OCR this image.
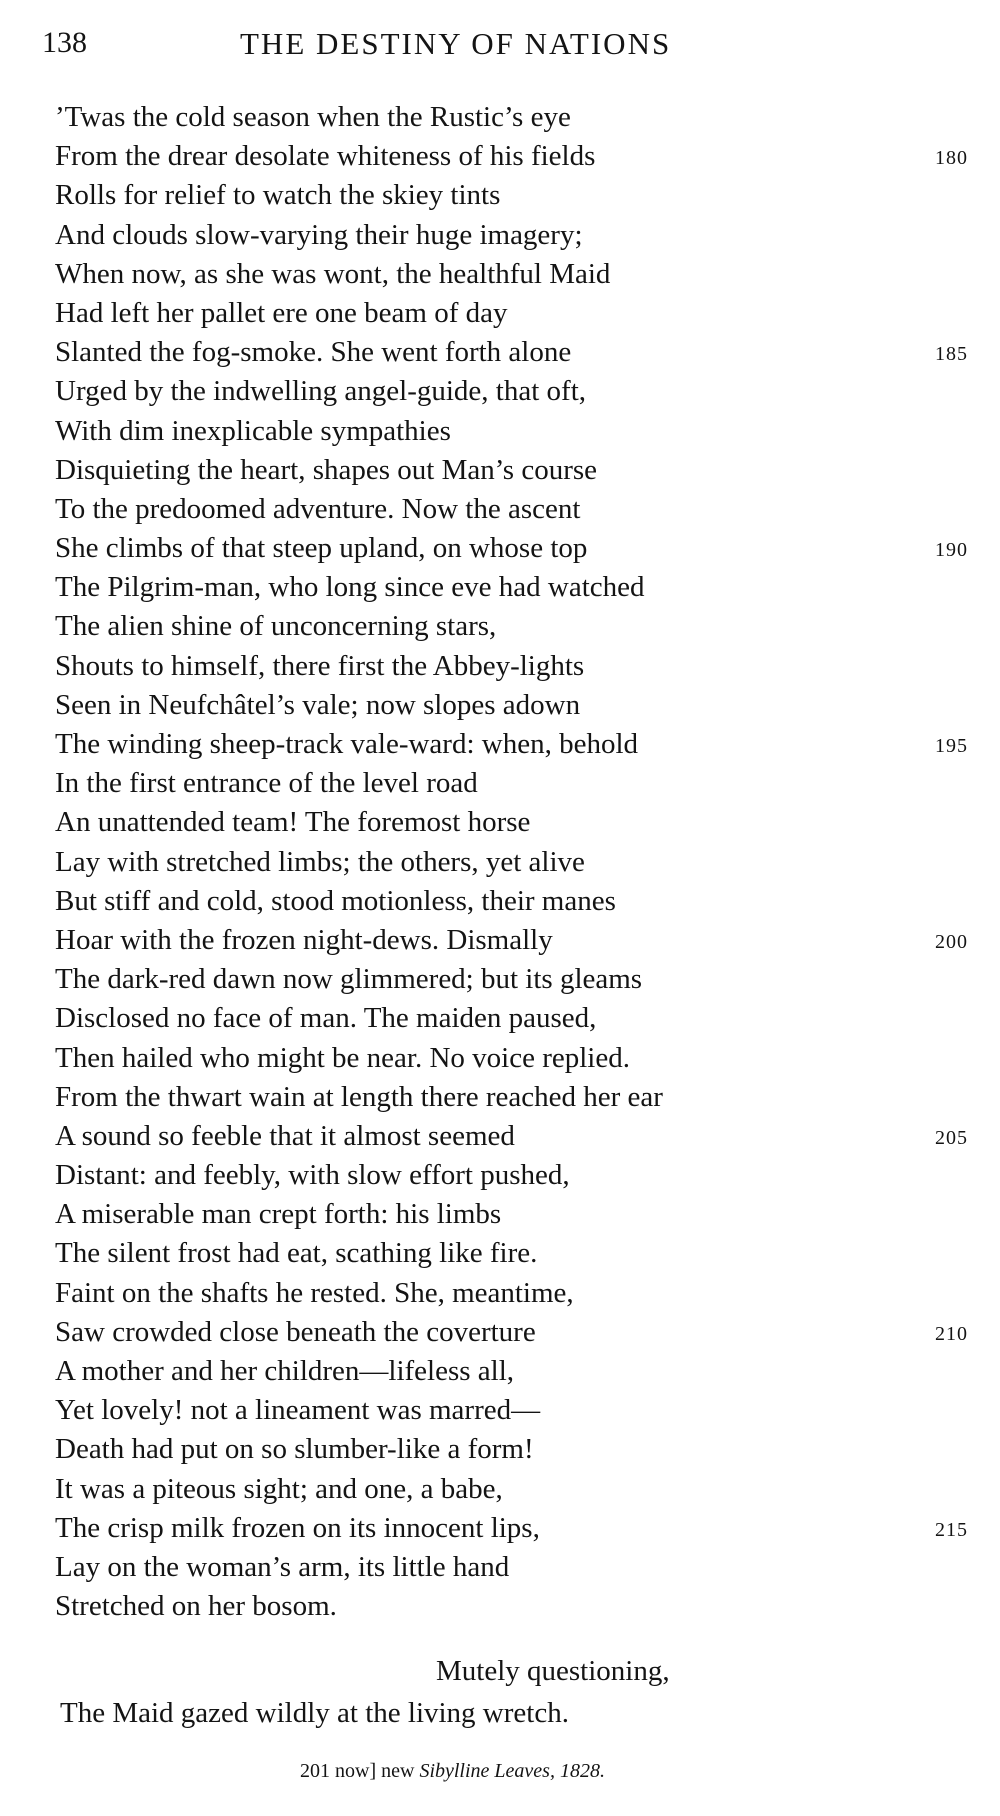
138	THE DESTINY OF NATIONS
’Twas the cold season when the Rustic’s eye
From the drear desolate whiteness of his fields	180
Rolls for relief to watch the skiey tints
And clouds slow-varying their huge imagery;
When now, as she was wont, the healthful Maid
Had left her pallet ere one beam of day
Slanted the fog-smoke. She went forth alone	185
Urged by the indwelling angel-guide, that oft,
With dim inexplicable sympathies
Disquieting the heart, shapes out Man’s course
To the predoomed adventure. Now the ascent
She climbs of that steep upland, on whose top	190
The Pilgrim-man, who long since eve had watched
The alien shine of unconcerning stars,
Shouts to himself, there first the Abbey-lights
Seen in Neufchâtel’s vale; now slopes adown
The winding sheep-track vale-ward: when, behold	195
In the first entrance of the level road
An unattended team! The foremost horse
Lay with stretched limbs; the others, yet alive
But stiff and cold, stood motionless, their manes
Hoar with the frozen night-dews. Dismally	200
The dark-red dawn now glimmered; but its gleams
Disclosed no face of man. The maiden paused,
Then hailed who might be near. No voice replied.
From the thwart wain at length there reached her ear
A sound so feeble that it almost seemed	205
Distant: and feebly, with slow effort pushed,
A miserable man crept forth: his limbs
The silent frost had eat, scathing like fire.
Faint on the shafts he rested. She, meantime,
Saw crowded close beneath the coverture	210
A mother and her children—lifeless all,
Yet lovely! not a lineament was marred—
Death had put on so slumber-like a form!
It was a piteous sight; and one, a babe,
The crisp milk frozen on its innocent lips,	215
Lay on the woman’s arm, its little hand
Stretched on her bosom.
Mutely questioning,
The Maid gazed wildly at the living wretch.
201 now] new Sibylline Leaves, 1828.
